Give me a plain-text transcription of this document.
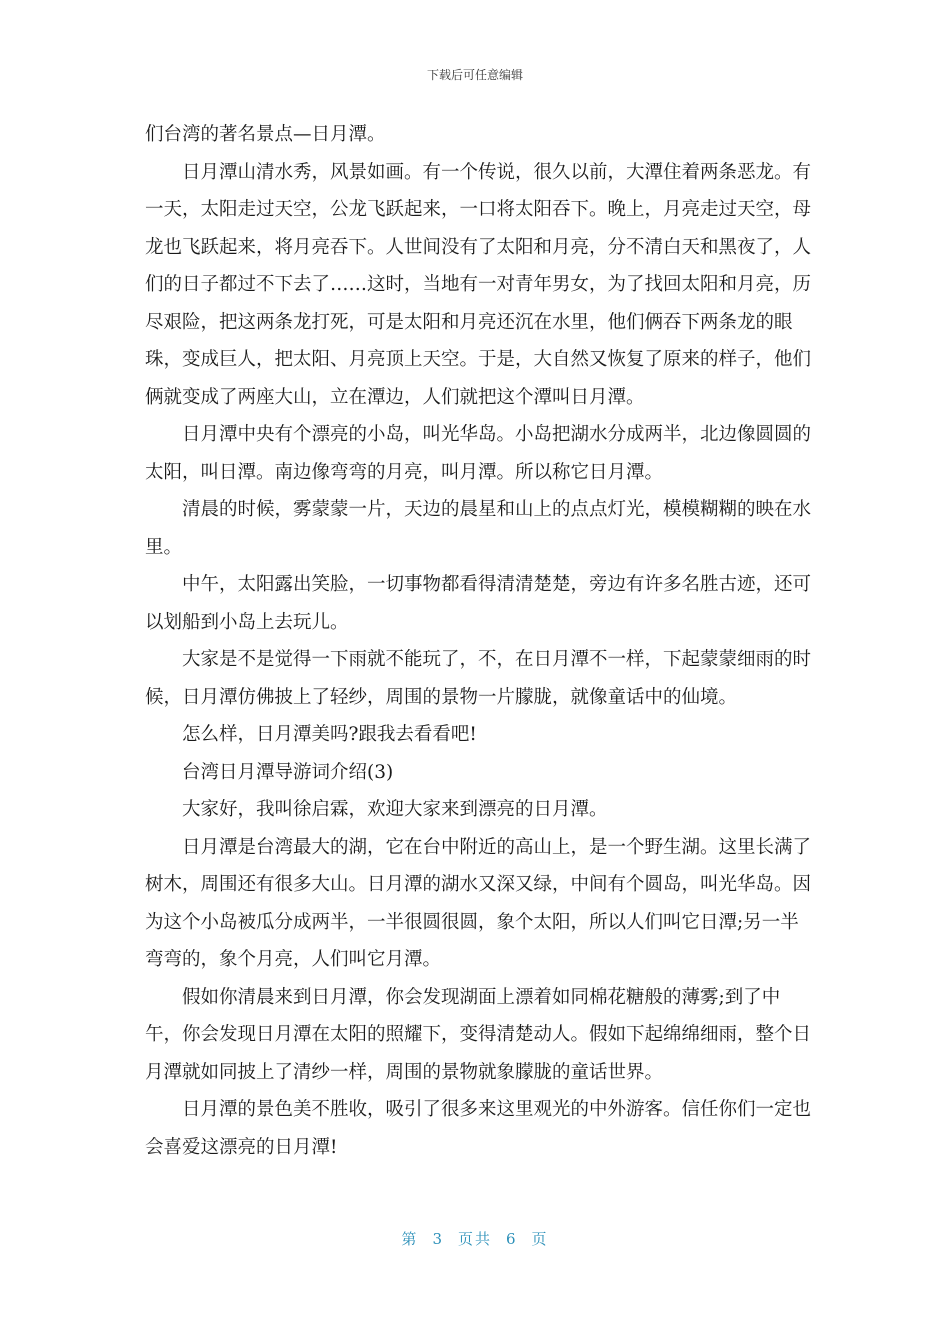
下载后可任意编辑

们台湾的著名景点—日月潭。

日月潭山清水秀，风景如画。有一个传说，很久以前，大潭住着两条恶龙。有一天，太阳走过天空，公龙飞跃起来，一口将太阳吞下。晚上，月亮走过天空，母龙也飞跃起来，将月亮吞下。人世间没有了太阳和月亮，分不清白天和黑夜了，人们的日子都过不下去了……这时，当地有一对青年男女，为了找回太阳和月亮，历尽艰险，把这两条龙打死，可是太阳和月亮还沉在水里，他们俩吞下两条龙的眼珠，变成巨人，把太阳、月亮顶上天空。于是，大自然又恢复了原来的样子，他们俩就变成了两座大山，立在潭边，人们就把这个潭叫日月潭。

日月潭中央有个漂亮的小岛，叫光华岛。小岛把湖水分成两半，北边像圆圆的太阳，叫日潭。南边像弯弯的月亮，叫月潭。所以称它日月潭。

清晨的时候，雾蒙蒙一片，天边的晨星和山上的点点灯光，模模糊糊的映在水里。

中午，太阳露出笑脸，一切事物都看得清清楚楚，旁边有许多名胜古迹，还可以划船到小岛上去玩儿。

大家是不是觉得一下雨就不能玩了，不，在日月潭不一样，下起蒙蒙细雨的时候，日月潭仿佛披上了轻纱，周围的景物一片朦胧，就像童话中的仙境。

怎么样，日月潭美吗?跟我去看看吧!

台湾日月潭导游词介绍(3)

大家好，我叫徐启霖，欢迎大家来到漂亮的日月潭。

日月潭是台湾最大的湖，它在台中附近的高山上，是一个野生湖。这里长满了树木，周围还有很多大山。日月潭的湖水又深又绿，中间有个圆岛，叫光华岛。因为这个小岛被瓜分成两半，一半很圆很圆，象个太阳，所以人们叫它日潭;另一半弯弯的，象个月亮，人们叫它月潭。

假如你清晨来到日月潭，你会发现湖面上漂着如同棉花糖般的薄雾;到了中午，你会发现日月潭在太阳的照耀下，变得清楚动人。假如下起绵绵细雨，整个日月潭就如同披上了清纱一样，周围的景物就象朦胧的童话世界。

日月潭的景色美不胜收，吸引了很多来这里观光的中外游客。信任你们一定也会喜爱这漂亮的日月潭!

第 3 页共 6 页
